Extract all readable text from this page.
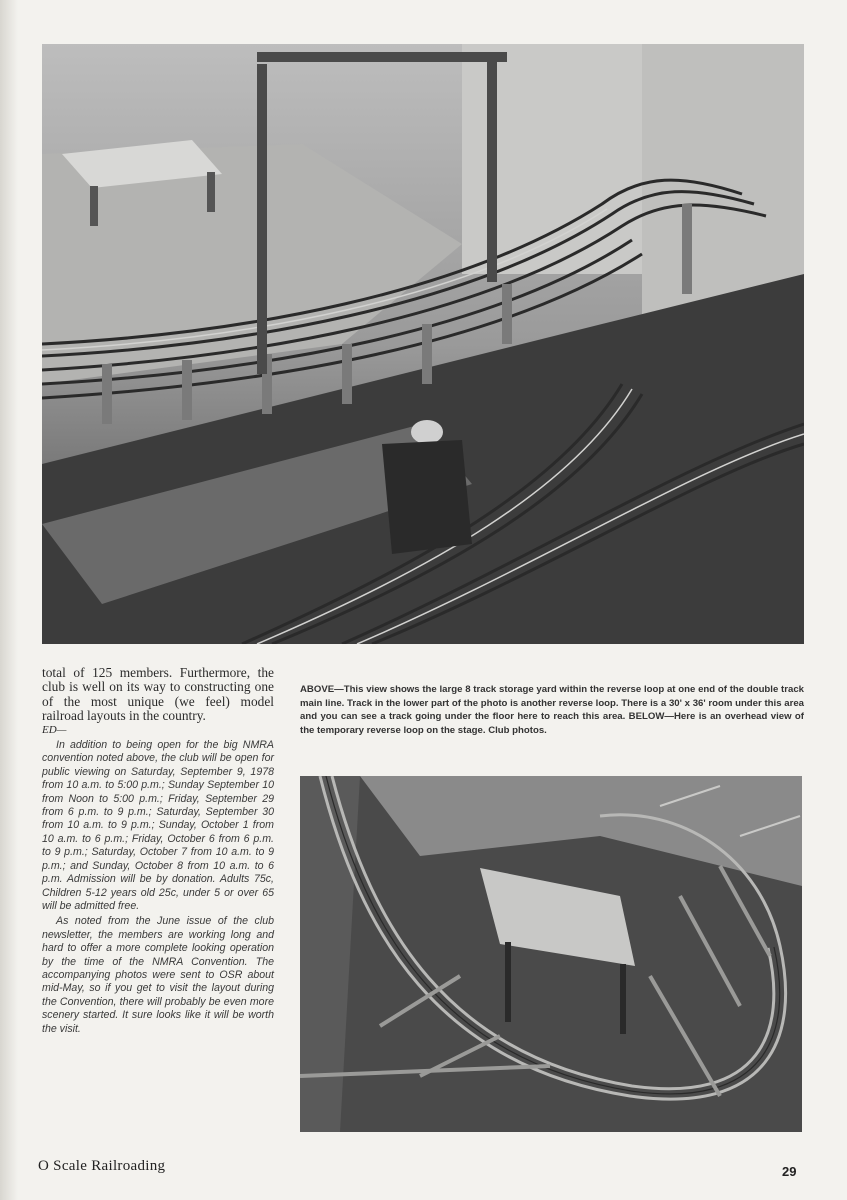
total of 125 members. Furthermore, the club is well on its way to constructing one of the most unique (we feel) model railroad layouts in the country.

ED—

In addition to being open for the big NMRA convention noted above, the club will be open for public viewing on Saturday, September 9, 1978 from 10 a.m. to 5:00 p.m.; Sunday September 10 from Noon to 5:00 p.m.; Friday, September 29 from 6 p.m. to 9 p.m.; Saturday, September 30 from 10 a.m. to 9 p.m.; Sunday, October 1 from 10 a.m. to 6 p.m.; Friday, October 6 from 6 p.m. to 9 p.m.; Saturday, October 7 from 10 a.m. to 9 p.m.; and Sunday, October 8 from 10 a.m. to 6 p.m. Admission will be by donation. Adults 75c, Children 5-12 years old 25c, under 5 or over 65 will be admitted free.

As noted from the June issue of the club newsletter, the members are working long and hard to offer a more complete looking operation by the time of the NMRA Convention. The accompanying photos were sent to OSR about mid-May, so if you get to visit the layout during the Convention, there will probably be even more scenery started. It sure looks like it will be worth the visit.

ABOVE—This view shows the large 8 track storage yard within the reverse loop at one end of the double track main line. Track in the lower part of the photo is another reverse loop. There is a 30' x 36' room under this area and you can see a track going under the floor here to reach this area. BELOW—Here is an overhead view of the temporary reverse loop on the stage. Club photos.

O Scale Railroading	29
